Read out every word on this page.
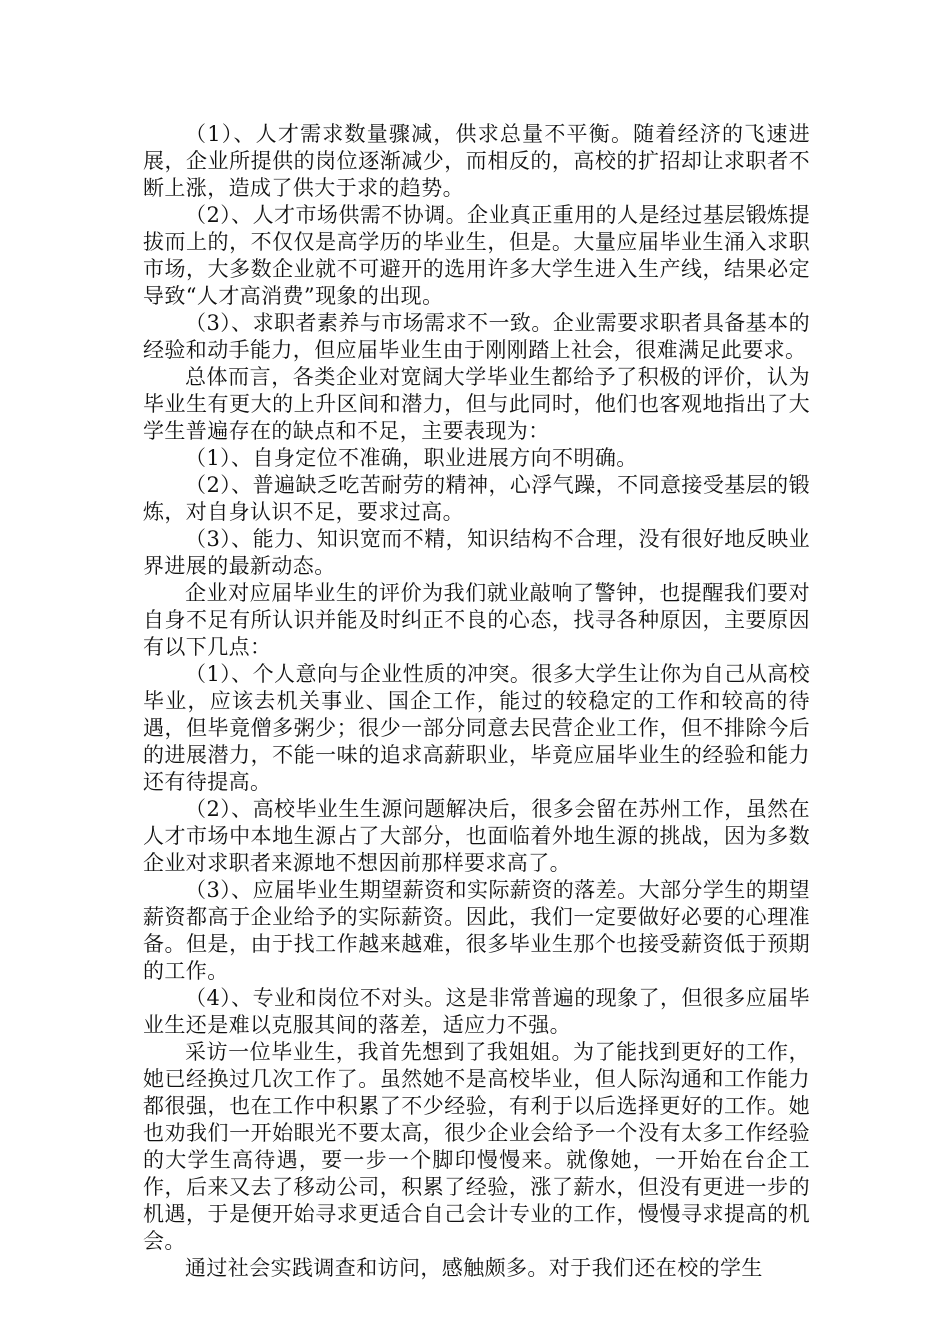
（1）、人才需求数量骤减，供求总量不平衡。随着经济的飞速进展，企业所提供的岗位逐渐减少，而相反的，高校的扩招却让求职者不断上涨，造成了供大于求的趋势。

（2）、人才市场供需不协调。企业真正重用的人是经过基层锻炼提拔而上的，不仅仅是高学历的毕业生，但是。大量应届毕业生涌入求职市场，大多数企业就不可避开的选用许多大学生进入生产线，结果必定导致“人才高消费”现象的出现。

（3）、求职者素养与市场需求不一致。企业需要求职者具备基本的经验和动手能力，但应届毕业生由于刚刚踏上社会，很难满足此要求。

总体而言，各类企业对宽阔大学毕业生都给予了积极的评价，认为毕业生有更大的上升区间和潜力，但与此同时，他们也客观地指出了大学生普遍存在的缺点和不足，主要表现为：

（1）、自身定位不准确，职业进展方向不明确。

（2）、普遍缺乏吃苦耐劳的精神，心浮气躁，不同意接受基层的锻炼，对自身认识不足，要求过高。

（3）、能力、知识宽而不精，知识结构不合理，没有很好地反映业界进展的最新动态。

企业对应届毕业生的评价为我们就业敲响了警钟，也提醒我们要对自身不足有所认识并能及时纠正不良的心态，找寻各种原因，主要原因有以下几点：

（1）、个人意向与企业性质的冲突。很多大学生让你为自己从高校毕业，应该去机关事业、国企工作，能过的较稳定的工作和较高的待遇，但毕竟僧多粥少；很少一部分同意去民营企业工作，但不排除今后的进展潜力，不能一味的追求高薪职业，毕竟应届毕业生的经验和能力还有待提高。

（2）、高校毕业生生源问题解决后，很多会留在苏州工作，虽然在人才市场中本地生源占了大部分，也面临着外地生源的挑战，因为多数企业对求职者来源地不想因前那样要求高了。

（3）、应届毕业生期望薪资和实际薪资的落差。大部分学生的期望薪资都高于企业给予的实际薪资。因此，我们一定要做好必要的心理准备。但是，由于找工作越来越难，很多毕业生那个也接受薪资低于预期的工作。

（4）、专业和岗位不对头。这是非常普遍的现象了，但很多应届毕业生还是难以克服其间的落差，适应力不强。

采访一位毕业生，我首先想到了我姐姐。为了能找到更好的工作，她已经换过几次工作了。虽然她不是高校毕业，但人际沟通和工作能力都很强，也在工作中积累了不少经验，有利于以后选择更好的工作。她也劝我们一开始眼光不要太高，很少企业会给予一个没有太多工作经验的大学生高待遇，要一步一个脚印慢慢来。就像她，一开始在台企工作，后来又去了移动公司，积累了经验，涨了薪水，但没有更进一步的机遇，于是便开始寻求更适合自己会计专业的工作，慢慢寻求提高的机会。

通过社会实践调查和访问，感触颇多。对于我们还在校的学生
